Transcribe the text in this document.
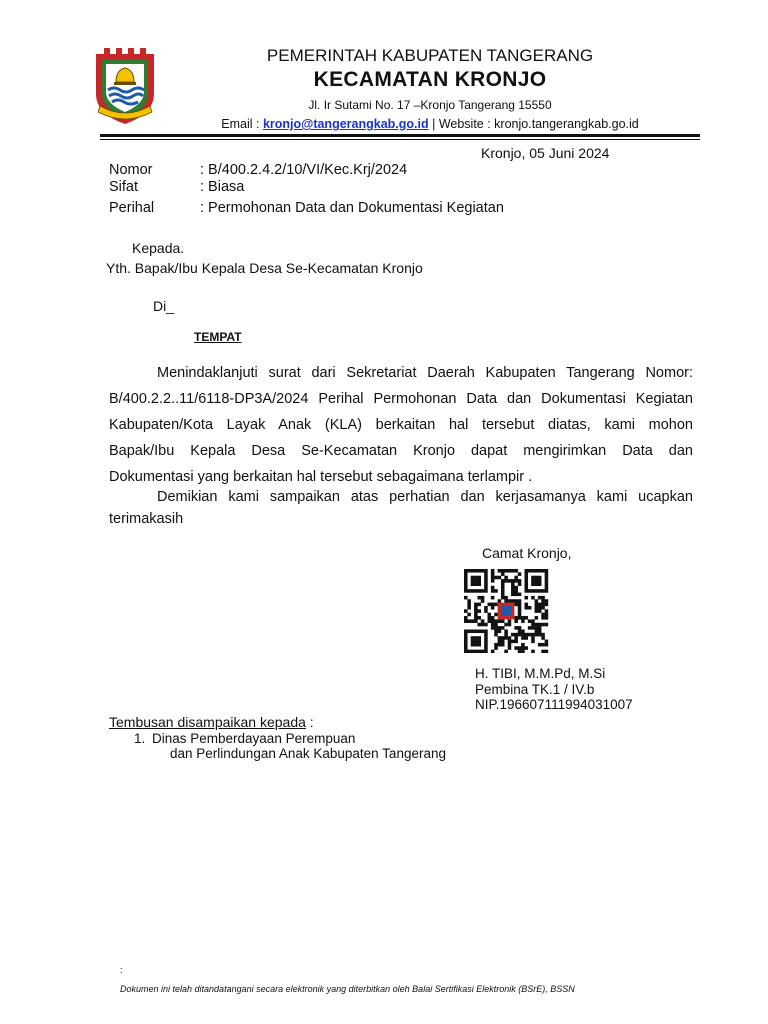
PEMERINTAH KABUPATEN TANGERANG
KECAMATAN KRONJO
Jl. Ir Sutami No. 17 –Kronjo Tangerang 15550
Email : kronjo@tangerangkab.go.id | Website : kronjo.tangerangkab.go.id
Kronjo, 05 Juni 2024
Nomor	: B/400.2.4.2/10/VI/Kec.Krj/2024
Sifat	: Biasa
Perihal	: Permohonan Data dan Dokumentasi Kegiatan
Kepada.
Yth. Bapak/Ibu Kepala Desa Se-Kecamatan Kronjo
Di_
TEMPAT
Menindaklanjuti surat dari Sekretariat Daerah Kabupaten Tangerang Nomor:
B/400.2.2..11/6118-DP3A/2024 Perihal Permohonan Data dan Dokumentasi Kegiatan
Kabupaten/Kota Layak Anak (KLA) berkaitan hal tersebut diatas, kami mohon
Bapak/Ibu Kepala Desa Se-Kecamatan Kronjo dapat mengirimkan Data dan
Dokumentasi yang berkaitan hal tersebut sebagaimana terlampir .
Demikian kami sampaikan atas perhatian dan kerjasamanya kami ucapkan
terimakasih
Camat Kronjo,
H. TIBI, M.M.Pd, M.Si
Pembina TK.1 / IV.b
NIP.196607111994031007
Tembusan disampaikan kepada :
1. Dinas Pemberdayaan Perempuan
dan Perlindungan Anak Kabupaten Tangerang
:
Dokumen ini telah ditandatangani secara elektronik yang diterbitkan oleh Balai Sertifikasi Elektronik (BSrE), BSSN
